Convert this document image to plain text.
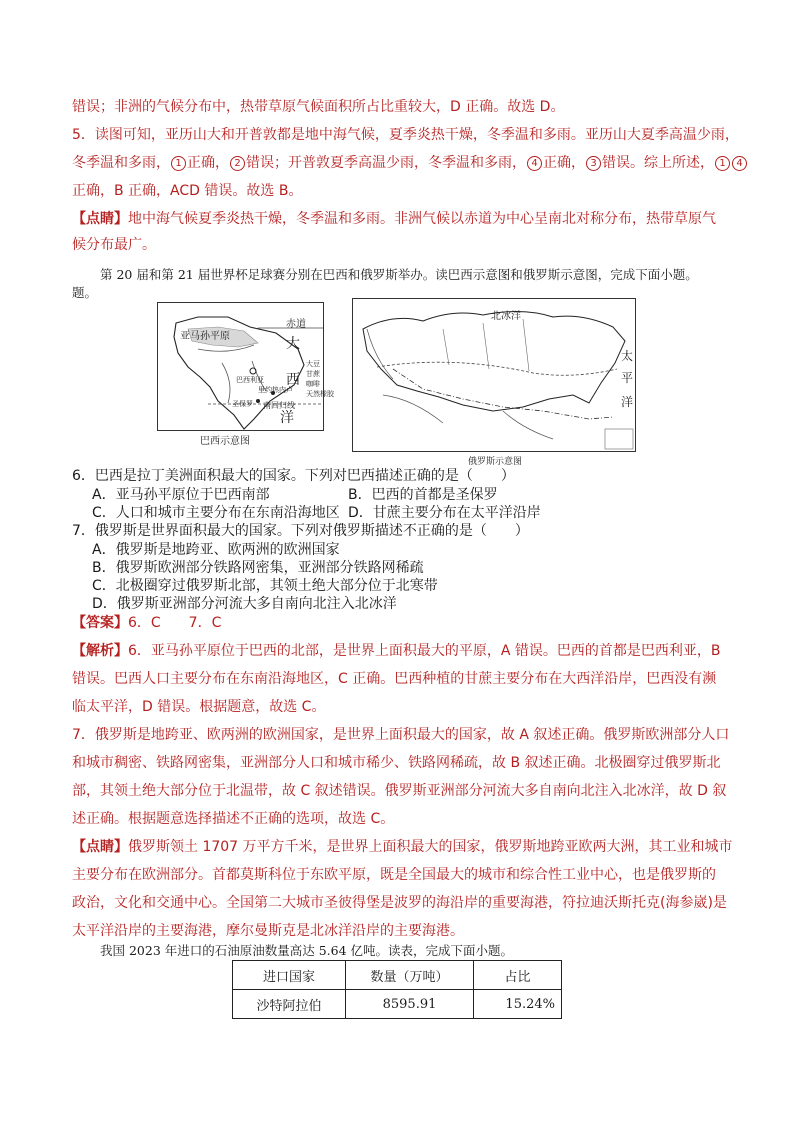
错误；非洲的气候分布中，热带草原气候面积所占比重较大，D 正确。故选 D。
5．读图可知，亚历山大和开普敦都是地中海气候，夏季炎热干燥，冬季温和多雨。亚历山大夏季高温少雨，
冬季温和多雨， 1 正确， 2 错误；开普敦夏季高温少雨，冬季温和多雨， 4 正确， 3 错误。综上所述， 1 4
正确，B 正确，ACD 错误。故选 B。
【点睛】地中海气候夏季炎热干燥，冬季温和多雨。非洲气候以赤道为中心呈南北对称分布，热带草原气
候分布最广。
第 20 届和第 21 届世界杯足球赛分别在巴西和俄罗斯举办。读巴西示意图和俄罗斯示意图，完成下面小题。
题。
亚马孙平原
赤道
大
西
洋
巴西利亚
里约热内卢
圣保罗 南回归线
大豆
甘蔗
咖啡
天然橡胶
巴西示意图
北冰洋
太
平
洋
俄罗斯示意图
6．巴西是拉丁美洲面积最大的国家。下列对巴西描述正确的是（　　）
A．亚马孙平原位于巴西南部	B．巴西的首都是圣保罗
C．人口和城市主要分布在东南沿海地区 D．甘蔗主要分布在太平洋沿岸
7．俄罗斯是世界面积最大的国家。下列对俄罗斯描述不正确的是（　　）
A．俄罗斯是地跨亚、欧两洲的欧洲国家
B．俄罗斯欧洲部分铁路网密集，亚洲部分铁路网稀疏
C．北极圈穿过俄罗斯北部，其领土绝大部分位于北寒带
D．俄罗斯亚洲部分河流大多自南向北注入北冰洋
【答案】6．C　　7．C
【解析】6．亚马孙平原位于巴西的北部，是世界上面积最大的平原，A 错误。巴西的首都是巴西利亚，B
错误。巴西人口主要分布在东南沿海地区，C 正确。巴西种植的甘蔗主要分布在大西洋沿岸，巴西没有濒
临太平洋，D 错误。根据题意，故选 C。
7．俄罗斯是地跨亚、欧两洲的欧洲国家，是世界上面积最大的国家，故 A 叙述正确。俄罗斯欧洲部分人口
和城市稠密、铁路网密集，亚洲部分人口和城市稀少、铁路网稀疏，故 B 叙述正确。北极圈穿过俄罗斯北
部，其领土绝大部分位于北温带，故 C 叙述错误。俄罗斯亚洲部分河流大多自南向北注入北冰洋，故 D 叙
述正确。根据题意选择描述不正确的选项，故选 C。
【点睛】俄罗斯领土 1707 万平方千米，是世界上面积最大的国家，俄罗斯地跨亚欧两大洲，其工业和城市
主要分布在欧洲部分。首都莫斯科位于东欧平原，既是全国最大的城市和综合性工业中心，也是俄罗斯的
政治，文化和交通中心。全国第二大城市圣彼得堡是波罗的海沿岸的重要海港，符拉迪沃斯托克(海参崴)是
太平洋沿岸的主要海港，摩尔曼斯克是北冰洋沿岸的主要海港。
我国 2023 年进口的石油原油数量高达 5.64 亿吨。读表，完成下面小题。
进口国家	数量（万吨）	占比
沙特阿拉伯	8595.91	15.24%
